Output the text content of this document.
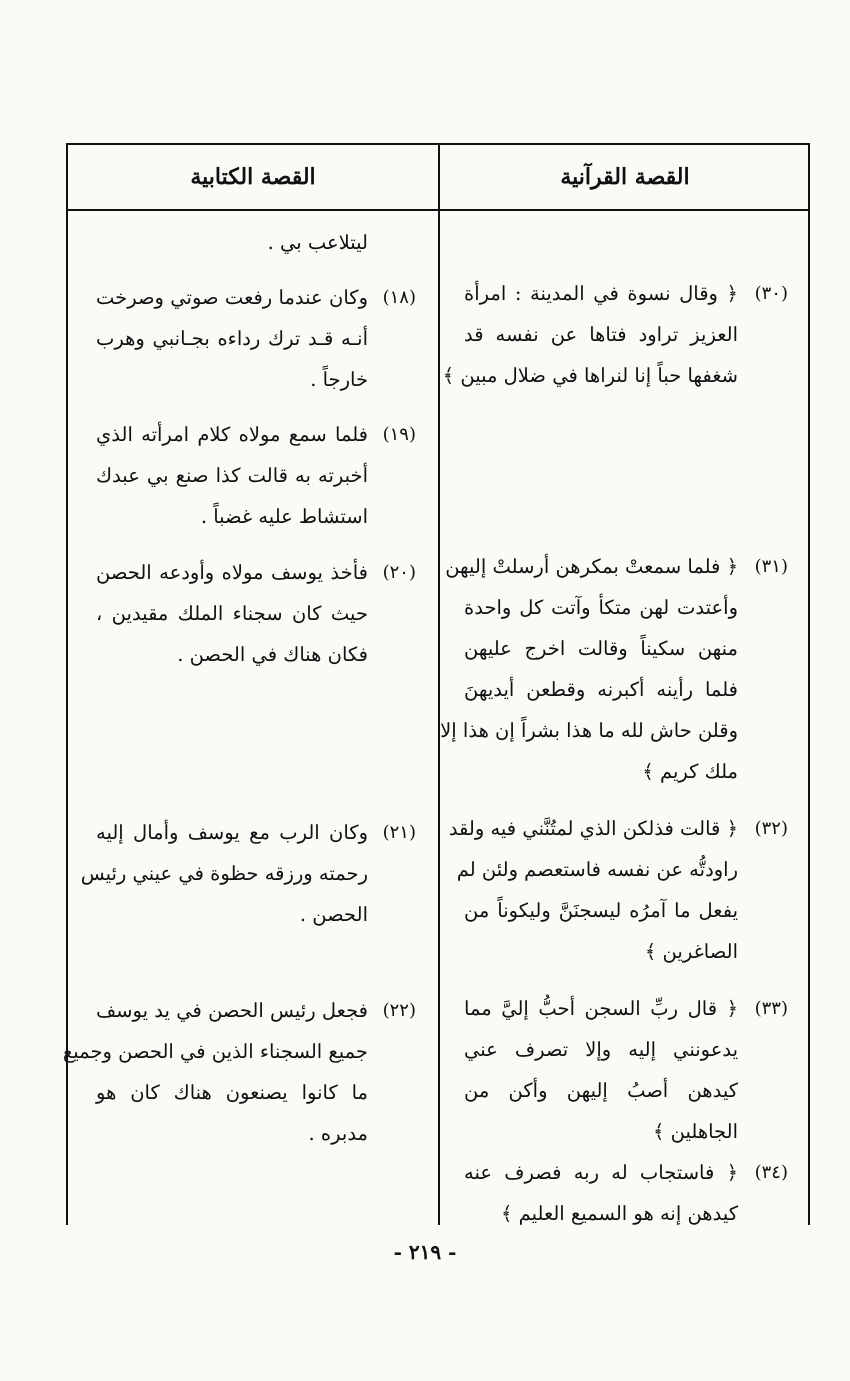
القصة القرآنية
القصة الكتابية
ليتلاعب بي .
(١٨)
وكان عندما رفعت صوتي وصرخت
أنـه قـد ترك رداءه بجـانبي وهرب
خارجاً .
(١٩)
فلما سمع مولاه كلام امرأته الذي
أخبرته به قالت كذا صنع بي عبدك
استشاط عليه غضباً .
(٢٠)
فأخذ يوسف مولاه وأودعه الحصن
حيث كان سجناء الملك مقيدين ،
فكان هناك في الحصن .
(٢١)
وكان الرب مع يوسف وأمال إليه
رحمته ورزقه حظوة في عيني رئيس
الحصن .
(٢٢)
فجعل رئيس الحصن في يد يوسف
جميع السجناء الذين في الحصن وجميع
ما كانوا يصنعون هناك كان هو
مدبره .
(٣٠)
﴿ وقال نسوة في المدينة : امرأة
العزيز تراود فتاها عن نفسه قد
شغفها حباً إنا لنراها في ضلال مبين ﴾
(٣١)
﴿ فلما سمعتْ بمكرهن أرسلتْ إليهن
وأعتدت لهن متكأ وآتت كل واحدة
منهن سكيناً وقالت اخرج عليهن
فلما رأينه أكبرنه وقطعن أيديهنَ
وقلن حاش لله ما هذا بشراً إن هذا إلا
ملك كريم ﴾
(٣٢)
﴿ قالت فذلكن الذي لمتُنَّني فيه ولقد
راودتُّه عن نفسه فاستعصم ولئن لم
يفعل ما آمرُه ليسجنَنَّ وليكوناً من
الصاغرين ﴾
(٣٣)
﴿ قال ربِّ السجن أحبُّ إليَّ مما
يدعونني إليه وإلا تصرف عني
كيدهن أصبُ إليهن وأكن من
الجاهلين ﴾
(٣٤)
﴿ فاستجاب له ربه فصرف عنه
كيدهن إنه هو السميع العليم ﴾
- ٢١٩ -
